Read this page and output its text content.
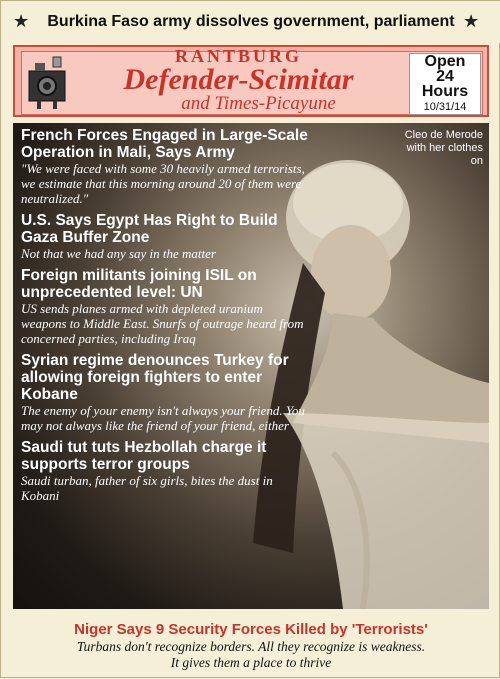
★	Burkina Faso army dissolves government, parliament ★
RANTBURG
Defender-Scimitar
and Times-Picayune
Open
24
Hours
10/31/14
Cleo de Merode with her clothes on
French Forces Engaged in Large-Scale Operation in Mali, Says Army
"We were faced with some 30 heavily armed terrorists, we estimate that this morning around 20 of them were neutralized."
U.S. Says Egypt Has Right to Build Gaza Buffer Zone
Not that we had any say in the matter
Foreign militants joining ISIL on unprecedented level: UN
US sends planes armed with depleted uranium weapons to Middle East. Snurfs of outrage heard from concerned parties, including Iraq
Syrian regime denounces Turkey for allowing foreign fighters to enter Kobane
The enemy of your enemy isn't always your friend. You may not always like the friend of your friend, either
Saudi tut tuts Hezbollah charge it supports terror groups
Saudi turban, father of six girls, bites the dust in Kobani
Niger Says 9 Security Forces Killed by 'Terrorists'
Turbans don't recognize borders. All they recognize is weakness.
It gives them a place to thrive
